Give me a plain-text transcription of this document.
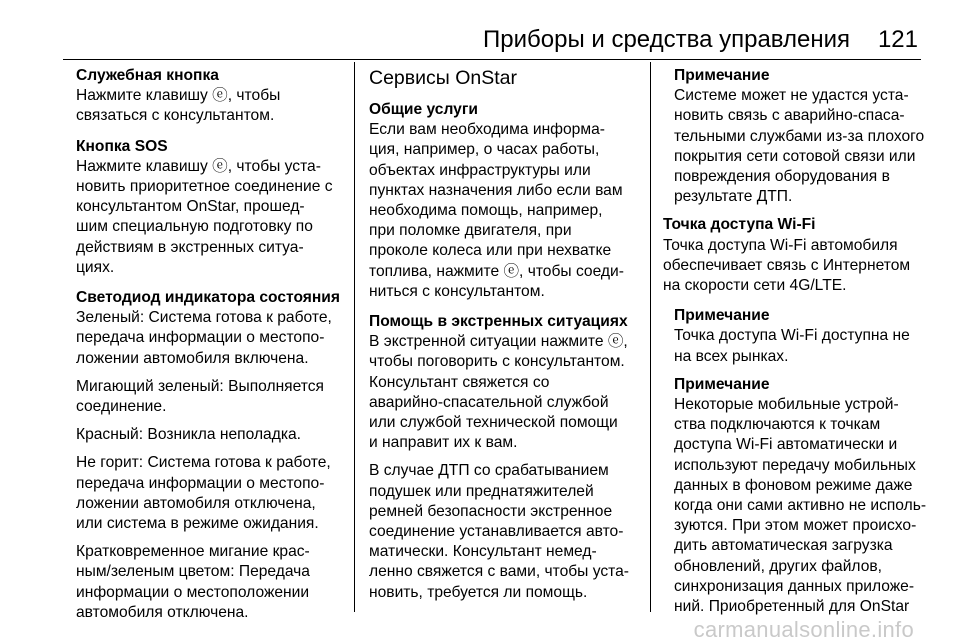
Приборы и средства управления 121
Служебная кнопка
Нажмите клавишу ⓔ, чтобы
связаться с консультантом.
Кнопка SOS
Нажмите клавишу ⓔ, чтобы уста-
новить приоритетное соединение с
консультантом OnStar, прошед-
шим специальную подготовку по
действиям в экстренных ситуа-
циях.
Светодиод индикатора состояния
Зеленый: Система готова к работе,
передача информации о местопо-
ложении автомобиля включена.
Мигающий зеленый: Выполняется
соединение.
Красный: Возникла неполадка.
Не горит: Система готова к работе,
передача информации о местопо-
ложении автомобиля отключена,
или система в режиме ожидания.
Кратковременное мигание крас-
ным/зеленым цветом: Передача
информации о местоположении
автомобиля отключена.
Сервисы OnStar
Общие услуги
Если вам необходима информа-
ция, например, о часах работы,
объектах инфраструктуры или
пунктах назначения либо если вам
необходима помощь, например,
при поломке двигателя, при
проколе колеса или при нехватке
топлива, нажмите ⓔ, чтобы соеди-
ниться с консультантом.
Помощь в экстренных ситуациях
В экстренной ситуации нажмите ⓔ,
чтобы поговорить с консультантом.
Консультант свяжется со
аварийно-спасательной службой
или службой технической помощи
и направит их к вам.
В случае ДТП со срабатыванием
подушек или преднатяжителей
ремней безопасности экстренное
соединение устанавливается авто-
матически. Консультант немед-
ленно свяжется с вами, чтобы уста-
новить, требуется ли помощь.
Примечание
Системе может не удастся уста-
новить связь с аварийно-спаса-
тельными службами из-за плохого
покрытия сети сотовой связи или
повреждения оборудования в
результате ДТП.
Точка доступа Wi-Fi
Точка доступа Wi-Fi автомобиля
обеспечивает связь с Интернетом
на скорости сети 4G/LTE.
Примечание
Точка доступа Wi-Fi доступна не
на всех рынках.
Примечание
Некоторые мобильные устрой-
ства подключаются к точкам
доступа Wi-Fi автоматически и
используют передачу мобильных
данных в фоновом режиме даже
когда они сами активно не исполь-
зуются. При этом может происхо-
дить автоматическая загрузка
обновлений, других файлов,
синхронизация данных приложе-
ний. Приобретенный для OnStar
carmanualsonline.info
